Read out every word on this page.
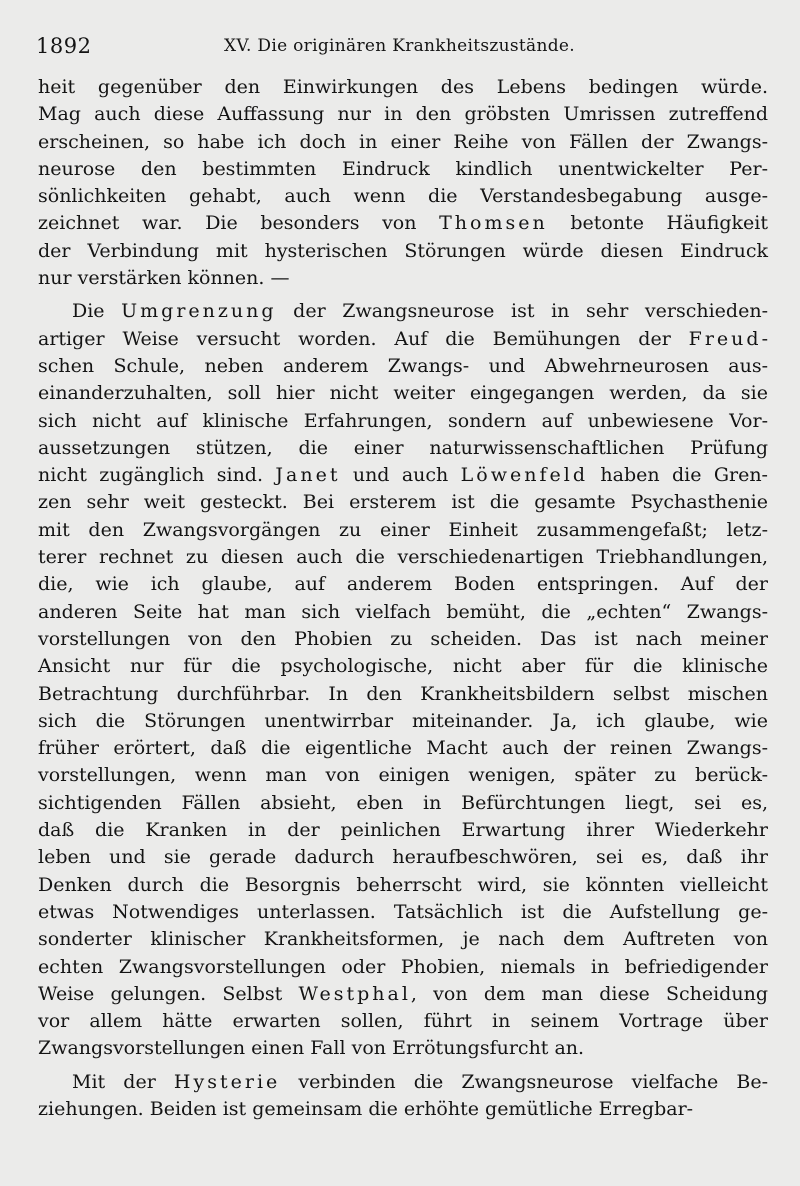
1892	XV. Die originären Krankheitszustände.
heit gegenüber den Einwirkungen des Lebens bedingen würde.
Mag auch diese Auffassung nur in den gröbsten Umrissen zutreffend
erscheinen, so habe ich doch in einer Reihe von Fällen der Zwangs-
neurose den bestimmten Eindruck kindlich unentwickelter Per-
sönlichkeiten gehabt, auch wenn die Verstandesbegabung ausge-
zeichnet war. Die besonders von Thomsen betonte Häufigkeit
der Verbindung mit hysterischen Störungen würde diesen Eindruck
nur verstärken können. —
Die Umgrenzung der Zwangsneurose ist in sehr verschieden-
artiger Weise versucht worden. Auf die Bemühungen der Freud-
schen Schule, neben anderem Zwangs- und Abwehrneurosen aus-
einanderzuhalten, soll hier nicht weiter eingegangen werden, da sie
sich nicht auf klinische Erfahrungen, sondern auf unbewiesene Vor-
aussetzungen stützen, die einer naturwissenschaftlichen Prüfung
nicht zugänglich sind. Janet und auch Löwenfeld haben die Gren-
zen sehr weit gesteckt. Bei ersterem ist die gesamte Psychasthenie
mit den Zwangsvorgängen zu einer Einheit zusammengefaßt; letz-
terer rechnet zu diesen auch die verschiedenartigen Triebhandlungen,
die, wie ich glaube, auf anderem Boden entspringen. Auf der
anderen Seite hat man sich vielfach bemüht, die „echten“ Zwangs-
vorstellungen von den Phobien zu scheiden. Das ist nach meiner
Ansicht nur für die psychologische, nicht aber für die klinische
Betrachtung durchführbar. In den Krankheitsbildern selbst mischen
sich die Störungen unentwirrbar miteinander. Ja, ich glaube, wie
früher erörtert, daß die eigentliche Macht auch der reinen Zwangs-
vorstellungen, wenn man von einigen wenigen, später zu berück-
sichtigenden Fällen absieht, eben in Befürchtungen liegt, sei es,
daß die Kranken in der peinlichen Erwartung ihrer Wiederkehr
leben und sie gerade dadurch heraufbeschwören, sei es, daß ihr
Denken durch die Besorgnis beherrscht wird, sie könnten vielleicht
etwas Notwendiges unterlassen. Tatsächlich ist die Aufstellung ge-
sonderter klinischer Krankheitsformen, je nach dem Auftreten von
echten Zwangsvorstellungen oder Phobien, niemals in befriedigender
Weise gelungen. Selbst Westphal, von dem man diese Scheidung
vor allem hätte erwarten sollen, führt in seinem Vortrage über
Zwangsvorstellungen einen Fall von Errötungsfurcht an.
Mit der Hysterie verbinden die Zwangsneurose vielfache Be-
ziehungen. Beiden ist gemeinsam die erhöhte gemütliche Erregbar-
